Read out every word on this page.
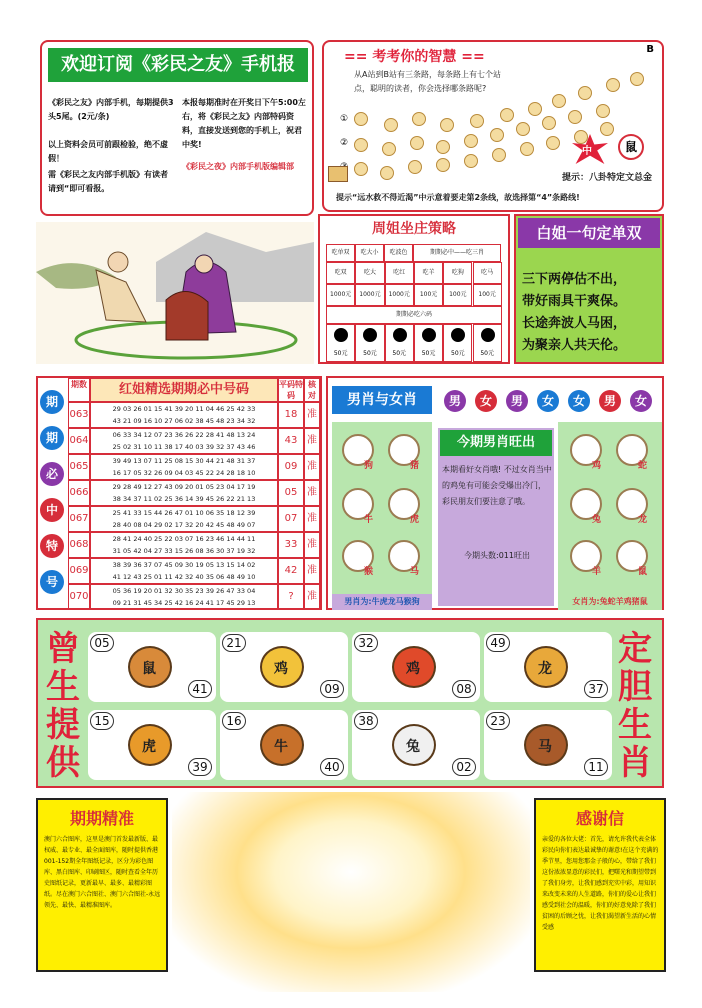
欢迎订阅《彩民之友》手机报
《彩民之友》内部手机，每期提供3头5尾。(2元/条)
以上资料会员可前跟检验，绝不虚假！
需《彩民之友内部手机版》有读者请到“即可看报。
本报每期准时在开奖日下午5:00左右，将《彩民之友》内部特码资料，直接发送到您的手机上，祝君中奖!
《彩民之夜》内部手机版编辑部
== 考考你的智慧 ==	B
从A站到B站有三条路，每条路上有七个站点，聪明的读者，你会选择哪条路呢?
①
②
中	鼠
提示：八卦特定文总金
提示“远水救不得近渴”中示意着要走第2条线，故选择第“4”条路线!
周姐坐庄策略
吃单双	吃大小	吃波色	期期必中——吃三肖
吃双	吃大	吃红	吃羊	吃狗	吃马
1000元	1000元	1000元	100元	100元	100元
期期必吃六码
50元	50元	50元	50元	50元	50元
白姐一句定单双
三下两停估不出，
带好雨具干爽保。
长途奔波人马困，
为聚亲人共天伦。
期
期
必
中
特
号
期数	红姐精选期期必中号码	平码特码
核对
063	29 03 26 01 15 41 39 20 11 04 46 25 42 33
43 21 09 16 10 27 06 02 38 45 48 23 34 32
18 准
064	06 33 34 12 07 23 36 26 22 28 41 48 13 24
25 02 31 10 11 38 17 40 03 39 32 37 43 46
43 准
065	39 49 13 07 11 25 08 15 30 44 21 48 31 37
16 17 05 32 26 09 04 03 45 22 24 28 18 10
09 准
066	29 28 49 12 27 43 09 20 01 05 23 04 17 19
38 34 37 11 02 25 36 14 39 45 26 22 21 13
05 准
067	25 41 33 15 44 26 47 01 10 06 35 18 12 39
28 40 08 04 29 02 17 32 20 42 45 48 49 07
07 准
068	28 41 24 40 25 22 03 07 16 23 46 14 44 11
31 05 42 04 27 33 15 26 08 36 30 37 19 32
33 准
069	38 39 36 37 07 45 09 30 19 05 13 15 14 02
41 12 43 25 01 11 42 32 40 35 06 48 49 10
42 准
070	05 36 19 20 01 32 30 35 23 39 26 47 33 04
09 21 31 45 34 25 42 16 24 41 17 45 29 13
?	准
男肖与女肖	男	女	男	女	女	男	女
今期男肖旺出
本期看好女肖哦! 不过女肖当中的鸡兔有可能会受爆出冷门，彩民朋友们要注意了哦。
今期头数:011旺出
狗	猪
牛	虎
猴	马
鸡	蛇
兔	龙
羊	鼠
男肖为:牛虎龙马猴狗	女肖为:兔蛇羊鸡猪鼠
曾
生
提
供
定
胆
生
肖
鼠
05
41
鸡
21
09
鸡
32
08
龙
49
37
虎
15
39
牛
16
40
兔
38
02
马
23
11
期期精准
澳门六合图库，这里是澳门首发最新版、最权威、最专业、最全面图库，随时提供香港001-152期全年图纸记录，区分为彩色图库、黑白图库、印刷图区，随时查看全年历史图纸记录，更新最早、最多、最精彩图纸。尽在澳门六合图社、澳门六合图社-永远领先、最快、最精准图库。
感谢信
亲爱的各位大佬：首先，请允许我代表全体彩民向你们表达最诚挚的谢意!在这个充满的季节里，您用您那金子般的心，带给了我们这份浓浓显意的彩民们，把曙光和期望带到了我们身旁，让我们感到充实中彩，用知识来改变未来的人生道路，你们的爱心让我们感受到社会的温暖，你们的好意免除了我们贫困的后顾之忧，让我们渴望新生活的心情受感
